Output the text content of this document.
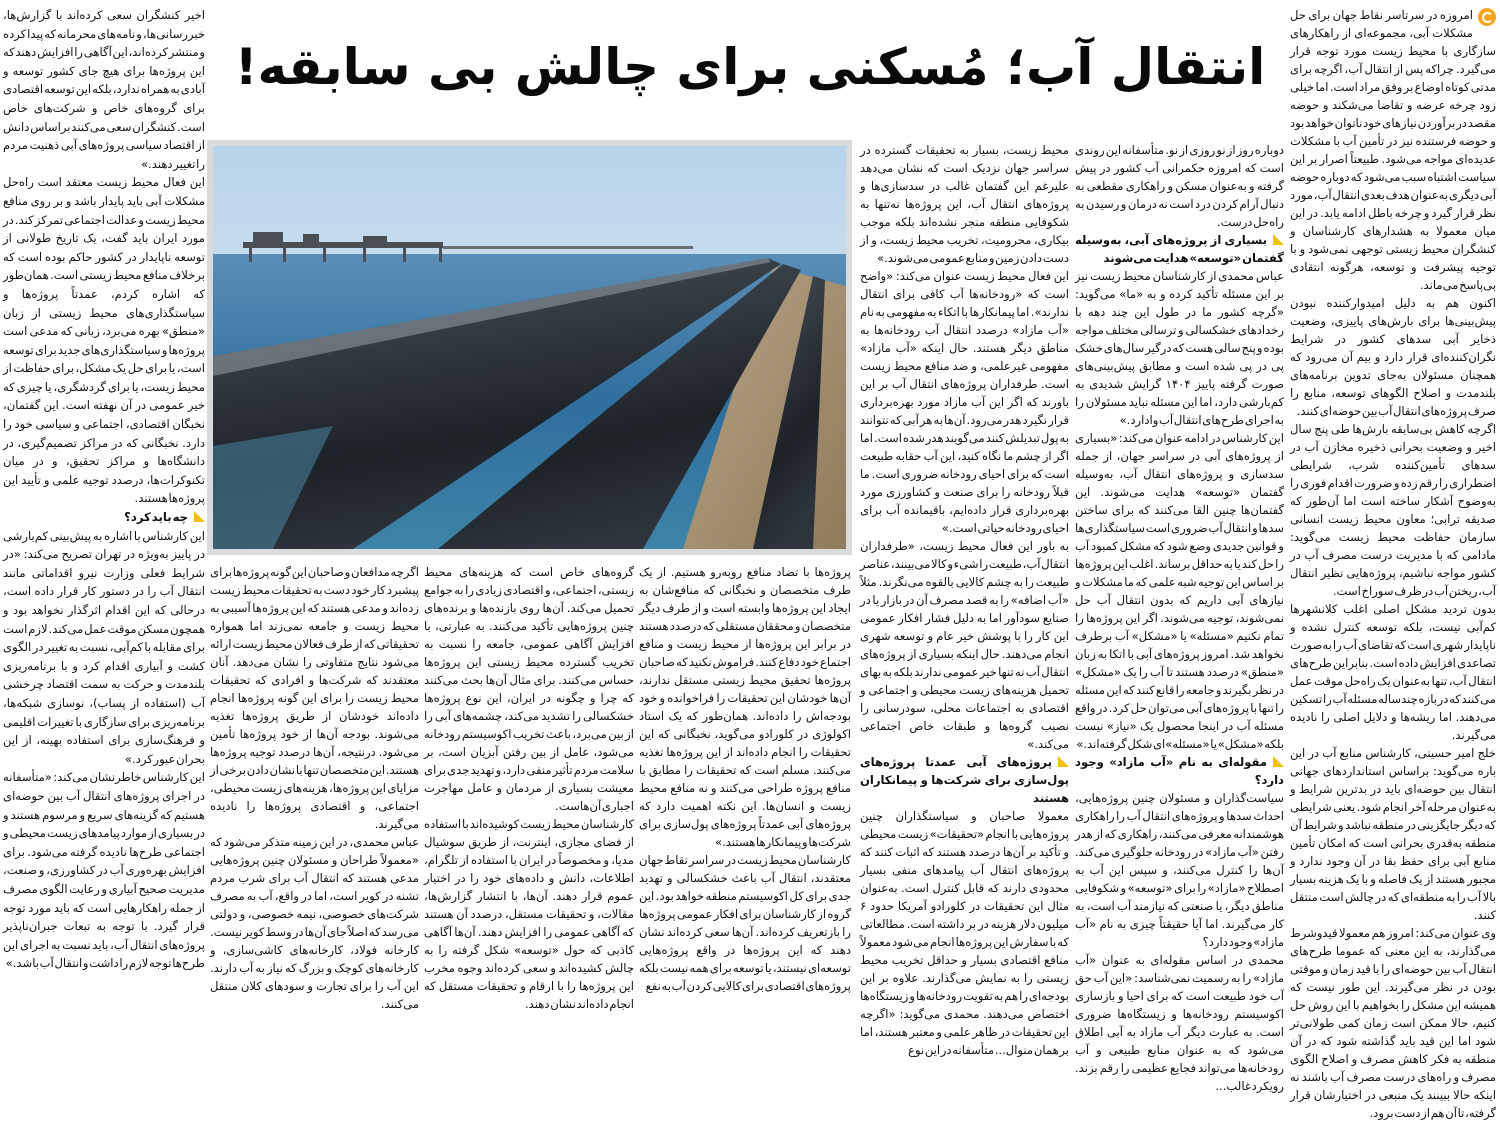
انتقال آب؛ مُسکنی برای چالش بی سابقه!

امروزه در سرتاسر نقاط جهان برای حل مشکلات آبی، مجموعه‌ای از راهکارهای سازگاری با محیط زیست مورد توجه قرار می‌گیرد. چراکه پس از انتقال آب، اگرچه برای مدتی کوتاه اوضاع بر وفق مراد است. اما خیلی زود چرخه عرضه و تقاضا می‌شکند و حوضه مقصد در برآوردن نیازهای خود ناتوان خواهد بود و حوضه فرستنده نیز در تأمین آب با مشکلات عدیده‌ای مواجه می‌شود. طبیعتاً اصرار بر این سیاست اشتباه سبب می‌شود که دوباره حوضه آبی دیگری به‌عنوان هدف بعدی انتقال آب، مورد نظر قرار گیرد و چرخه باطل ادامه یابد. در این میان معمولا به هشدارهای کارشناسان و کنشگران محیط زیستی توجهی نمی‌شود و با توجیه پیشرفت و توسعه، هرگونه انتقادی بی‌پاسخ می‌ماند.

اکنون هم به دلیل امیدوارکننده نبودن پیش‌بینی‌ها برای بارش‌های پاییزی، وضعیت ذخایر آبی سدهای کشور در شرایط نگران‌کننده‌ای قرار دارد و بیم آن می‌رود که همچنان مسئولان به‌جای تدوین برنامه‌های بلندمدت و اصلاح الگوهای توسعه، منابع را صرف پروژه‌های انتقال آب بین حوضه‌ای کنند.

اگرچه کاهش بی‌سابقه بارش‌ها طی پنج سال اخیر و وضعیت بحرانی ذخیره مخازن آب در سدهای تأمین‌کننده شرب، شرایطی اضطراری را رقم زده و ضرورت اقدام فوری را به‌وضوح آشکار ساخته است اما آن‌طور که صدیقه ترابی؛ معاون محیط زیست انسانی سازمان حفاظت محیط زیست می‌گوید: مادامی که با مدیریت درست مصرف آب در کشور مواجه نباشیم، پروژه‌هایی نظیر انتقال آب، ریختن آب در ظرف سوراخ است.

بدون تردید مشکل اصلی اغلب کلانشهرها کم‌آبی نیست، بلکه توسعه کنترل نشده و ناپایدار شهری است که تقاضای آب را به‌صورت تصاعدی افزایش داده است. بنابراین طرح‌های انتقال آب، تنها به‌عنوان یک راه‌حل موقت عمل می‌کنند که در بازه چندساله مسئله آب را تسکین می‌دهند. اما ریشه‌ها و دلایل اصلی را نادیده می‌گیرند.

خلج امیر حسینی، کارشناس منابع آب در این باره می‌گوید: براساس استانداردهای جهانی انتقال بین حوضه‌ای باید در بدترین شرایط و به‌عنوان مرحله آخر انجام شود. یعنی شرایطی که دیگر جایگزینی در منطقه نباشد و شرایط آن منطقه به‌قدری بحرانی است که امکان تأمین منابع آبی برای حفظ بقا در آن وجود ندارد و مجبور هستند از یک فاصله و با یک هزینه بسیار بالا آب را به منطقه‌ای که در چالش است منتقل کنند.

وی عنوان می‌کند: امروز هم معمولا قیدوشرط می‌گذارند، به این معنی که عموما طرح‌های انتقال آب بین حوضه‌ای را با قید زمان و موقتی بودن در نظر می‌گیرند. این طور نیست که همیشه این مشکل را بخواهیم با این روش حل کنیم، حالا ممکن است زمان کمی طولانی‌تر شود اما این قید باید گذاشته شود که در آن منطقه به فکر کاهش مصرف و اصلاح الگوی مصرف و راه‌های درست مصرف آب باشند نه اینکه حالا ببینند یک منبعی در اختیارشان قرار گرفته، تا آن هم از دست برود.

دوباره روز از نو روزی از نو. متأسفانه این روندی است که امروزه حکمرانی آب کشور در پیش گرفته و به‌عنوان مسکن و راهکاری مقطعی به دنبال آرام کردن درد است نه درمان و رسیدن به راه‌حل درست.

بسیاری از پروژه‌های آبی، به‌وسیله گفتمان «توسعه» هدایت می‌شوند

عباس محمدی از کارشناسان محیط زیست نیز بر این مسئله تأکید کرده و به «ما» می‌گوید: «گرچه کشور ما در طول این چند دهه با رخدادهای خشکسالی و ترسالی مختلف مواجه بوده و پنج سالی هست که درگیر سال‌های خشک پی در پی شده است و مطابق پیش‌بینی‌های صورت گرفته پاییز ۱۴۰۴ گرایش شدیدی به کم‌بارشی دارد، اما این مسئله نباید مسئولان را به اجرای طرح‌های انتقال آب وادارد.»

این کارشناس در ادامه عنوان می‌کند: «بسیاری از پروژه‌های آبی در سراسر جهان، از جمله سدسازی و پروژه‌های انتقال آب، به‌وسیله گفتمان «توسعه» هدایت می‌شوند. این گفتمان‌ها چنین القا می‌کنند که برای ساختن سدها و انتقال آب ضروری است سیاستگذاری‌ها و قوانین جدیدی وضع شود که مشکل کمبود آب را حل کند یا به حداقل برساند. اغلب این پروژه‌ها بر اساس این توجیه شبه علمی که ما مشکلات و نیازهای آبی داریم که بدون انتقال آب حل نمی‌شوند، توجیه می‌شوند. اگر این پروژه‌ها را تمام نکنیم «مسئله» یا «مشکل» آب برطرف نخواهد شد. امروز پروژه‌های آبی با اتکا به زبان «منطق» درصدد هستند تا آب را یک «مشکل» در نظر بگیرند و جامعه را قانع کنند که این مسئله را تنها با پروژه‌های آبی می‌توان حل کرد. در واقع مسئله آب در اینجا محصول یک «نیاز» نیست بلکه «مشکل» یا «مسئله»‌ای شکل گرفته‌اند.»

مقوله‌ای به نام «آب مازاد» وجود دارد؟

سیاست‌گذاران و مسئولان چنین پروژه‌هایی، احداث سدها و پروژه‌های انتقال آب را راهکاری هوشمندانه معرفی می‌کنند، راهکاری که از هدر رفتن «آب مازاد» در رودخانه جلوگیری می‌کند. آن‌ها را کنترل می‌کنند، و سپس این آب به اصطلاح «مازاد» را برای «توسعه» و شکوفایی مناطق دیگر، یا صنعتی که نیازمند آب است، به کار می‌گیرند. اما آیا حقیقتاً چیزی به نام «آب مازاد» وجود دارد؟

محمدی در اساس مقوله‌ای به عنوان «آب مازاد» را به رسمیت نمی‌شناسد: «این آب حق آب خود طبیعت است که برای احیا و بازسازی اکوسیستم رودخانه‌ها و زیستگاه‌ها ضروری است. به عبارت دیگر آب مازاد به آبی اطلاق می‌شود که به عنوان منابع طبیعی و آب رودخانه‌ها می‌تواند فجایع عظیمی را رقم بزند. رویکرد غالب...

محیط زیست، بسیار به تحقیقات گسترده در سراسر جهان نزدیک است که نشان می‌دهد علیرغم این گفتمان غالب در سدسازی‌ها و پروژه‌های انتقال آب، این پروژه‌ها نه‌تنها به شکوفایی منطقه منجر نشده‌اند بلکه موجب بیکاری، محرومیت، تخریب محیط زیست، و از دست دادن زمین و منابع عمومی می‌شوند.»

این فعال محیط زیست عنوان می‌کند: «واضح است که «رودخانه‌ها آب کافی برای انتقال ندارند». اما پیمانکارها با اتکاء به مفهومی به نام «آب مازاد» درصدد انتقال آب رودخانه‌ها به مناطق دیگر هستند. حال اینکه «آب مازاد» مفهومی غیرعلمی، و ضد منافع محیط زیست است. طرفداران پروژه‌های انتقال آب بر این باورند که اگر این آب مازاد مورد بهره‌برداری قرار نگیرد هدر می‌رود. آن‌ها به هر آبی که نتوانند به پول تبدیلش کنند می‌گویند هدر شده است. اما اگر از چشم ما نگاه کنید، این آب حقابه طبیعت است که برای احیای رودخانه ضروری است. ما قبلاً رودخانه را برای صنعت و کشاورزی مورد بهره‌برداری قرار داده‌ایم، باقیمانده آب برای احیای رودخانه حیاتی است.»

به باور این فعال محیط زیست، «طرفداران انتقال آب، طبیعت را شیء و کالا می‌بینند، عناصر طبیعت را به چشم کالایی بالقوه می‌نگرند. مثلاً «آب اضافه» را به قصد مصرف آن در بازار یا در صنایع سودآور اما به دلیل فشار افکار عمومی این کار را با پوشش خیر عام و توسعه شهری انجام می‌دهند. حال اینکه بسیاری از پروژه‌های انتقال آب نه تنها خیر عمومی ندارند بلکه به بهای تحمیل هزینه‌های زیست محیطی و اجتماعی و اقتصادی به اجتماعات محلی، سودرسانی را نصیب گروه‌ها و طبقات خاص اجتماعی می‌کند.»

پروژه‌های آبی عمدتا پروژه‌های پول‌سازی برای شرکت‌ها و پیمانکاران هستند

معمولا صاحبان و سیاستگذاران چنین پروژه‌هایی با انجام «تحقیقات» زیست محیطی و تأکید بر آن‌ها درصدد هستند که اثبات کنند که پروژه‌های انتقال آب پیامدهای منفی بسیار محدودی دارند که قابل کنترل است. به‌عنوان مثال این تحقیقات در کلورادو آمریکا حدود ۶ میلیون دلار هزینه در بر داشته است. مطالعاتی که با سفارش این پروژه‌ها انجام می‌شود معمولاً منافع اقتصادی بسیار و حداقل تخریب محیط زیستی را به نمایش می‌گذارند. علاوه بر این بودجه‌ای را هم به تقویت رودخانه‌ها و زیستگاه‌ها اختصاص می‌دهند. محمدی می‌گوید: «اگرچه این تحقیقات در ظاهر علمی و معتبر هستند، اما بر همان منوال... متأسفانه در این نوع

پروژه‌ها با تضاد منافع روبه‌رو هستیم. از یک طرف متخصصان و نخبگانی که منافع‌شان به ایجاد این پروژه‌ها وابسته است و از طرف دیگر متخصصان و محققان مستقلی که درصدد هستند در برابر این پروژه‌ها از محیط زیست و منافع اجتماع خود دفاع کنند. فراموش نکنید که صاحبان پروژه‌ها تحقیق محیط زیستی مستقل ندارند، آن‌ها خودشان این تحقیقات را فراخوانده و خود بودجه‌اش را داده‌اند. همان‌طور که یک استاد اکولوژی در کلورادو می‌گوید، نخبگانی که این تحقیقات را انجام داده‌اند از این پروژه‌ها تغذیه می‌کنند. مسلم است که تحقیقات را مطابق با منافع پروژه طراحی می‌کنند و نه منافع محیط زیست و انسان‌ها. این نکته اهمیت دارد که پروژه‌های آبی عمدتاً پروژه‌های پول‌سازی برای شرکت‌ها و پیمانکارها هستند.»

کارشناسان محیط زیست در سراسر نقاط جهان معتقدند، انتقال آب باعث خشکسالی و تهدید جدی برای کل اکوسیستم منطقه خواهد بود. این گروه از کارشناسان برای افکار عمومی پروژه‌ها را بازتعریف کرده‌اند. آن‌ها سعی کرده‌اند نشان دهند که این پروژه‌ها در واقع پروژه‌هایی توسعه‌ای نیستند، یا توسعه برای همه نیست بلکه پروژه‌های اقتصادی برای کالایی کردن آب به نفع

گروه‌های خاص است که هزینه‌های محیط زیستی، اجتماعی، و اقتصادی زیادی را به جوامع تحمیل می‌کند. آن‌ها روی بازنده‌ها و برنده‌های چنین پروژه‌هایی تأکید می‌کنند. به عبارتی، با افزایش آگاهی عمومی، جامعه را نسبت به تخریب گسترده محیط زیستی این پروژه‌ها حساس می‌کنند. برای مثال آن‌ها بحث می‌کنند که چرا و چگونه در ایران، این نوع پروژه‌ها خشکسالی را تشدید می‌کند، چشمه‌های آبی را از بین می‌برد، باعث تخریب اکوسیستم رودخانه می‌شود، عامل از بین رفتن آبزیان است، بر سلامت مردم تأثیر منفی دارد، و تهدید جدی برای معیشت بسیاری از مردمان و عامل مهاجرت اجباری آن‌هاست.

کارشناسان محیط زیست کوشیده‌اند با استفاده از فضای مجازی، اینترنت، از طریق سوشیال مدیا، و مخصوصاً در ایران با استفاده از تلگرام، اطلاعات، دانش و داده‌های خود را در اختیار عموم قرار دهند. آن‌ها، با انتشار گزارش‌ها، مقالات، و تحقیقات مستقل، درصدد آن هستند که آگاهی عمومی را افزایش دهند. آن‌ها آگاهی کاذبی که حول «توسعه» شکل گرفته را به چالش کشیده‌اند و سعی کرده‌اند وجوه مخرب این پروژه‌ها را با ارقام و تحقیقات مستقل که انجام داده‌اند نشان دهند.

اگرچه مدافعان و صاحبان این گونه پروژه‌ها برای پیشبرد کار خود دست به تحقیقات محیط زیست زده‌اند و مدعی هستند که این پروژه‌ها آسیبی به محیط زیست و جامعه نمی‌زند اما همواره تحقیقاتی که از طرف فعالان محیط زیست ارائه می‌شود نتایج متفاوتی را نشان می‌دهد. آنان معتقدند که شرکت‌ها و افرادی که تحقیقات محیط زیست را برای این گونه پروژه‌ها انجام داده‌اند خودشان از طریق پروژه‌ها تغذیه می‌شوند. بودجه آن‌ها از خود پروژه‌ها تأمین می‌شود. درنتیجه، آن‌ها درصدد توجیه پروژه‌ها هستند. این متخصصان تنها با نشان دادن برخی از مزایای این پروژه‌ها، هزینه‌های زیست محیطی، اجتماعی، و اقتصادی پروژه‌ها را نادیده می‌گیرند.

عباس محمدی، در این زمینه متذکر می‌شود که «معمولاً طراحان و مسئولان چنین پروژه‌هایی مدعی هستند که انتقال آب برای شرب مردم تشنه در کویر است، اما در واقع، آب به مصرف شرکت‌های خصوصی، نیمه خصوصی، و دولتی می‌رسد که اصلاً جای آن‌ها در وسط کویر نیست. کارخانه فولاد، کارخانه‌های کاشی‌سازی، و کارخانه‌های کوچک و بزرگ که نیاز به آب دارند. این آب را برای تجارت و سودهای کلان منتقل می‌کنند.

اخیر کنشگران سعی کرده‌اند با گزارش‌ها، خبررسانی‌ها، و نامه‌های محرمانه که پیدا کرده و منتشر کرده‌اند، این آگاهی را افزایش دهند که این پروژه‌ها برای هیچ جای کشور توسعه و آبادی به همراه ندارد، بلکه این توسعه اقتصادی برای گروه‌های خاص و شرکت‌های خاص است. کنشگران سعی می‌کنند براساس دانش از اقتصاد سیاسی پروژه‌های آبی ذهنیت مردم را تغییر دهند.»

این فعال محیط زیست معتقد است راه‌حل مشکلات آبی باید پایدار باشد و بر روی منافع محیط زیست و عدالت اجتماعی تمرکز کند. در مورد ایران باید گفت، یک تاریخ طولانی از توسعه ناپایدار در کشور حاکم بوده است که برخلاف منافع محیط زیستی است. همان‌طور که اشاره کردم، عمدتاً پروژه‌ها و سیاستگذاری‌های محیط زیستی از زبان «منطق» بهره می‌برد، زبانی که مدعی است پروژه‌ها و سیاستگذاری‌های جدید برای توسعه است، یا برای حل یک مشکل، برای حفاظت از محیط زیست، یا برای گردشگری، یا چیزی که خیر عمومی در آن نهفته است. این گفتمان، نخبگان اقتصادی، اجتماعی و سیاسی خود را دارد. نخبگانی که در مراکز تصمیم‌گیری، در دانشگاه‌ها و مراکز تحقیق، و در میان تکنوکرات‌ها، درصدد توجیه علمی و تأیید این پروژه‌ها هستند.

چه باید کرد؟

این کارشناس با اشاره به پیش‌بینی کم‌بارشی در پاییز به‌ویژه در تهران تصریح می‌کند: «در شرایط فعلی وزارت نیرو اقداماتی مانند انتقال آب را در دستور کار قرار داده است، درحالی که این اقدام اثرگذار نخواهد بود و همچون مسکن موقت عمل می‌کند. لازم است برای مقابله با کم‌آبی، نسبت به تغییر در الگوی کشت و آبیاری اقدام کرد و با برنامه‌ریزی بلندمدت و حرکت به سمت اقتصاد چرخشی آب (استفاده از پساب)، نوسازی شبکه‌ها، برنامه‌ریزی برای سازگاری با تغییرات اقلیمی و فرهنگ‌سازی برای استفاده بهینه، از این بحران عبور کرد.»

این کارشناس خاطرنشان می‌کند: «متأسفانه در اجرای پروژه‌های انتقال آب بین حوضه‌ای هستیم که گزینه‌های سریع و مرسوم هستند و در بسیاری از موارد پیامدهای زیست محیطی و اجتماعی طرح‌ها نادیده گرفته می‌شود. برای افزایش بهره‌وری آب در کشاورزی، و صنعت، مدیریت صحیح آبیاری و رعایت الگوی مصرف از جمله راهکارهایی است که باید مورد توجه قرار گیرد. با توجه به تبعات جبران‌ناپذیر پروژه‌های انتقال آب، باید نسبت به اجرای این طرح‌ها توجه لازم را داشت و انتقال آب باشد.»
